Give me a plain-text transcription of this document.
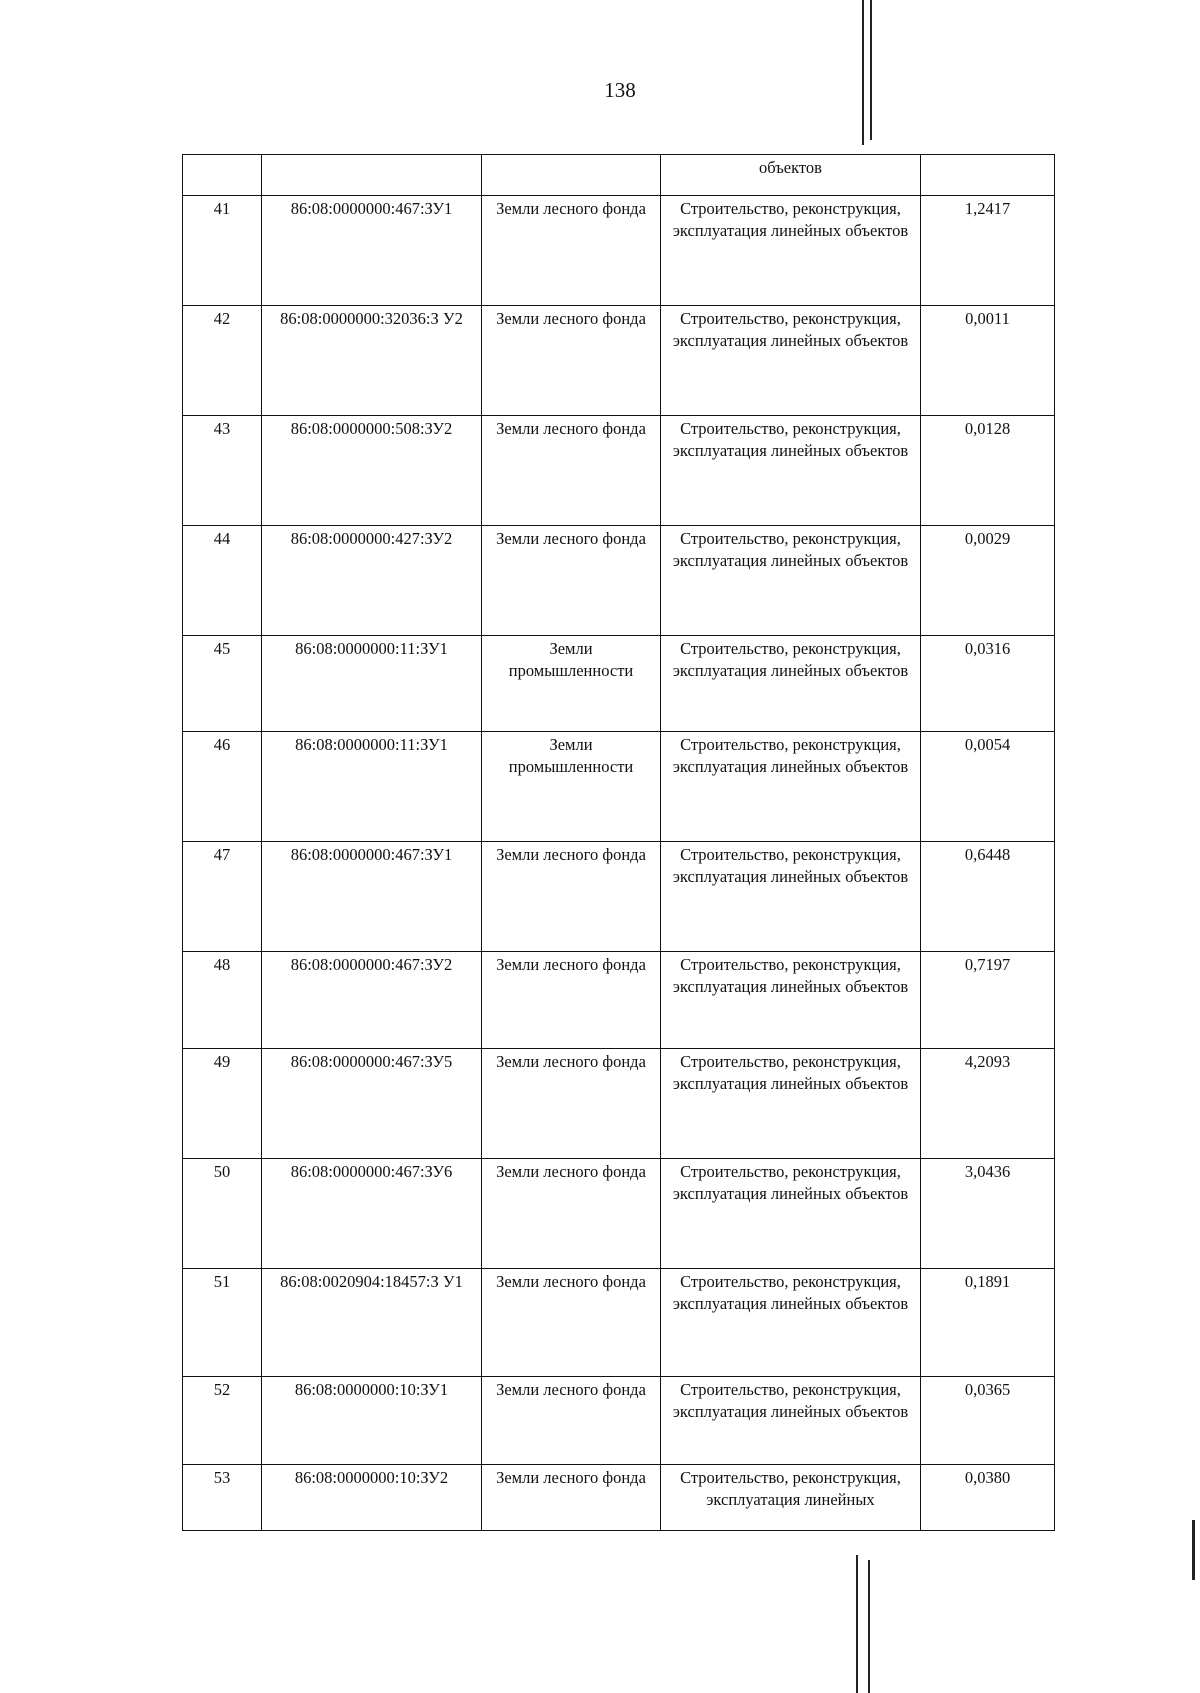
138
			объектов	
41	86:08:0000000:467:ЗУ1	Земли лесного фонда	Строительство, реконструкция, эксплуатация линейных объектов	1,2417
42	86:08:0000000:32036:З У2	Земли лесного фонда	Строительство, реконструкция, эксплуатация линейных объектов	0,0011
43	86:08:0000000:508:ЗУ2	Земли лесного фонда	Строительство, реконструкция, эксплуатация линейных объектов	0,0128
44	86:08:0000000:427:ЗУ2	Земли лесного фонда	Строительство, реконструкция, эксплуатация линейных объектов	0,0029
45	86:08:0000000:11:ЗУ1	Земли промышленности	Строительство, реконструкция, эксплуатация линейных объектов	0,0316
46	86:08:0000000:11:ЗУ1	Земли промышленности	Строительство, реконструкция, эксплуатация линейных объектов	0,0054
47	86:08:0000000:467:ЗУ1	Земли лесного фонда	Строительство, реконструкция, эксплуатация линейных объектов	0,6448
48	86:08:0000000:467:ЗУ2	Земли лесного фонда	Строительство, реконструкция, эксплуатация линейных объектов	0,7197
49	86:08:0000000:467:ЗУ5	Земли лесного фонда	Строительство, реконструкция, эксплуатация линейных объектов	4,2093
50	86:08:0000000:467:ЗУ6	Земли лесного фонда	Строительство, реконструкция, эксплуатация линейных объектов	3,0436
51	86:08:0020904:18457:З У1	Земли лесного фонда	Строительство, реконструкция, эксплуатация линейных объектов	0,1891
52	86:08:0000000:10:ЗУ1	Земли лесного фонда	Строительство, реконструкция, эксплуатация линейных объектов	0,0365
53	86:08:0000000:10:ЗУ2	Земли лесного фонда	Строительство, реконструкция, эксплуатация линейных	0,0380
